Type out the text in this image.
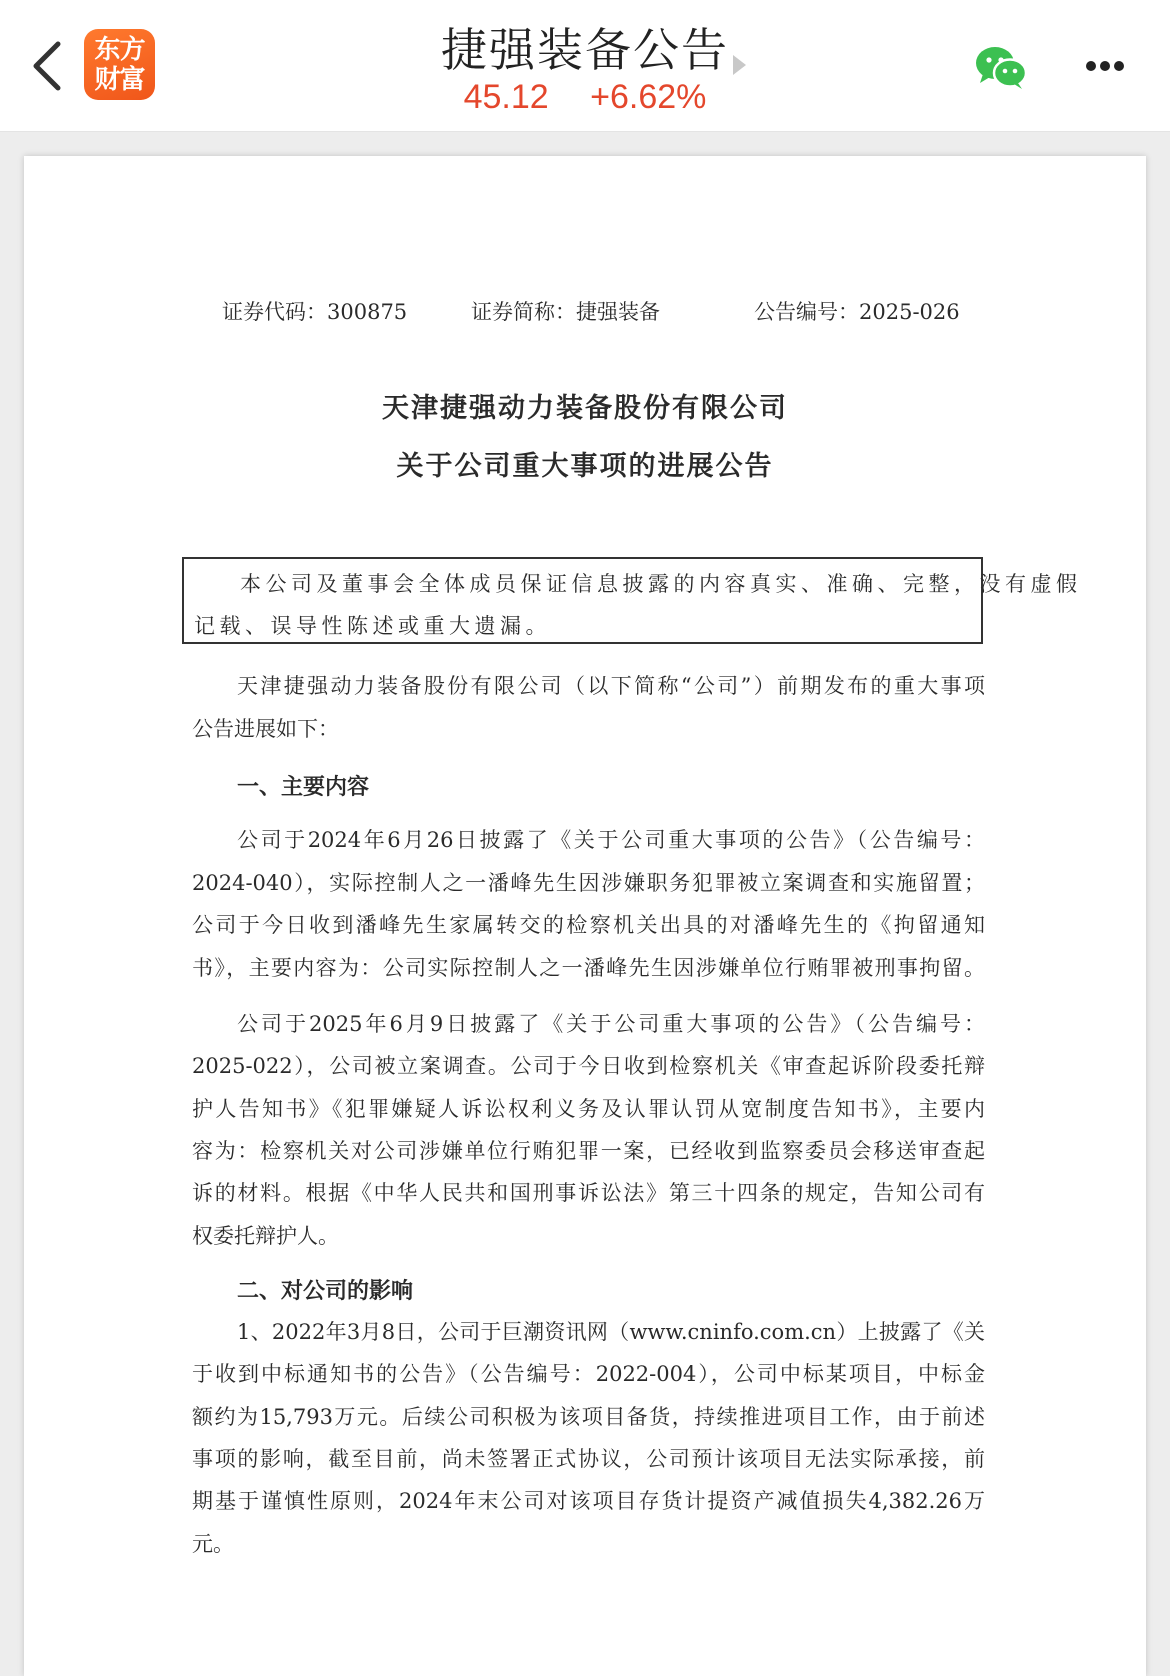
东方
财富
捷强装备公告
45.12 +6.62%
证券代码：300875	证券简称：捷强装备	公告编号：2025-026
天津捷强动力装备股份有限公司
关于公司重大事项的进展公告
本公司及董事会全体成员保证信息披露的内容真实、准确、完整，没有虚假
记载、误导性陈述或重大遗漏。
天津捷强动力装备股份有限公司（以下简称“公司”）前期发布的重大事项
公告进展如下：
一、主要内容
公司于2024年6月26日披露了《关于公司重大事项的公告》（公告编号：
2024-040），实际控制人之一潘峰先生因涉嫌职务犯罪被立案调查和实施留置；
公司于今日收到潘峰先生家属转交的检察机关出具的对潘峰先生的《拘留通知
书》，主要内容为：公司实际控制人之一潘峰先生因涉嫌单位行贿罪被刑事拘留。
公司于2025年6月9日披露了《关于公司重大事项的公告》（公告编号：
2025-022），公司被立案调查。公司于今日收到检察机关《审查起诉阶段委托辩
护人告知书》《犯罪嫌疑人诉讼权利义务及认罪认罚从宽制度告知书》，主要内
容为：检察机关对公司涉嫌单位行贿犯罪一案，已经收到监察委员会移送审查起
诉的材料。根据《中华人民共和国刑事诉讼法》第三十四条的规定，告知公司有
权委托辩护人。
二、对公司的影响
1、2022年3月8日，公司于巨潮资讯网（www.cninfo.com.cn）上披露了《关
于收到中标通知书的公告》（公告编号：2022-004），公司中标某项目，中标金
额约为15,793万元。后续公司积极为该项目备货，持续推进项目工作，由于前述
事项的影响，截至目前，尚未签署正式协议，公司预计该项目无法实际承接，前
期基于谨慎性原则，2024年末公司对该项目存货计提资产减值损失4,382.26万
元。
